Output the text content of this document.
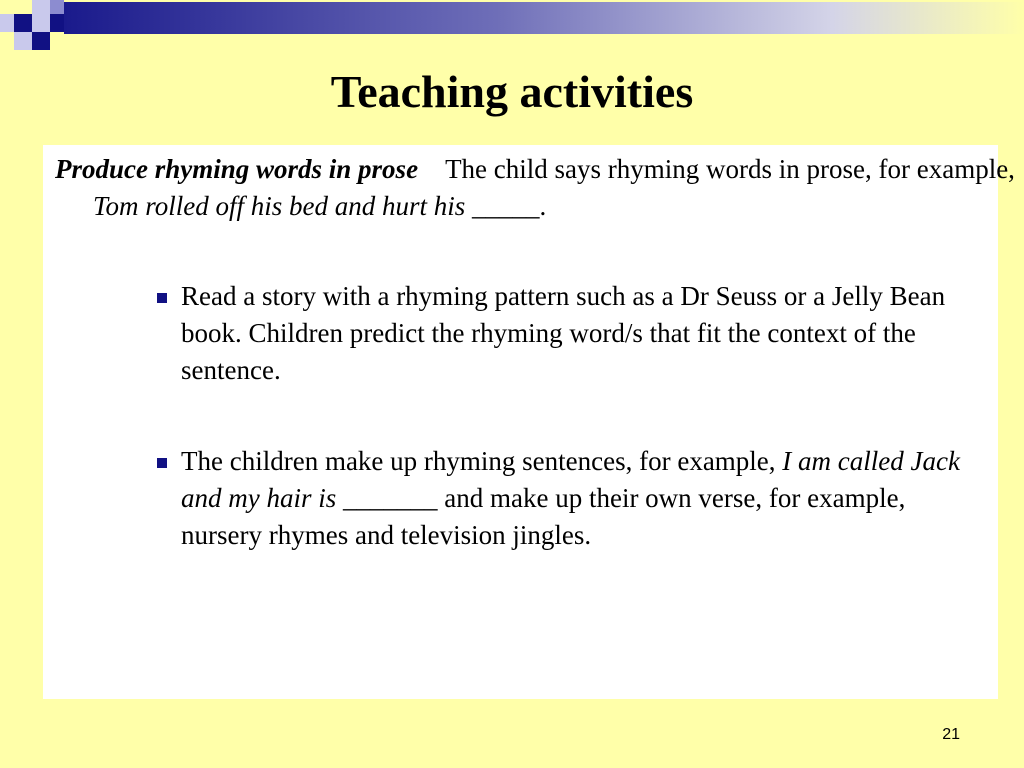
Teaching activities
Produce rhyming words in prose The child says rhyming words in prose, for example, Tom rolled off his bed and hurt his _____.
Read a story with a rhyming pattern such as a Dr Seuss or a Jelly Bean book. Children predict the rhyming word/s that fit the context of the sentence.
The children make up rhyming sentences, for example, I am called Jack and my hair is _______ and make up their own verse, for example, nursery rhymes and television jingles.
21
